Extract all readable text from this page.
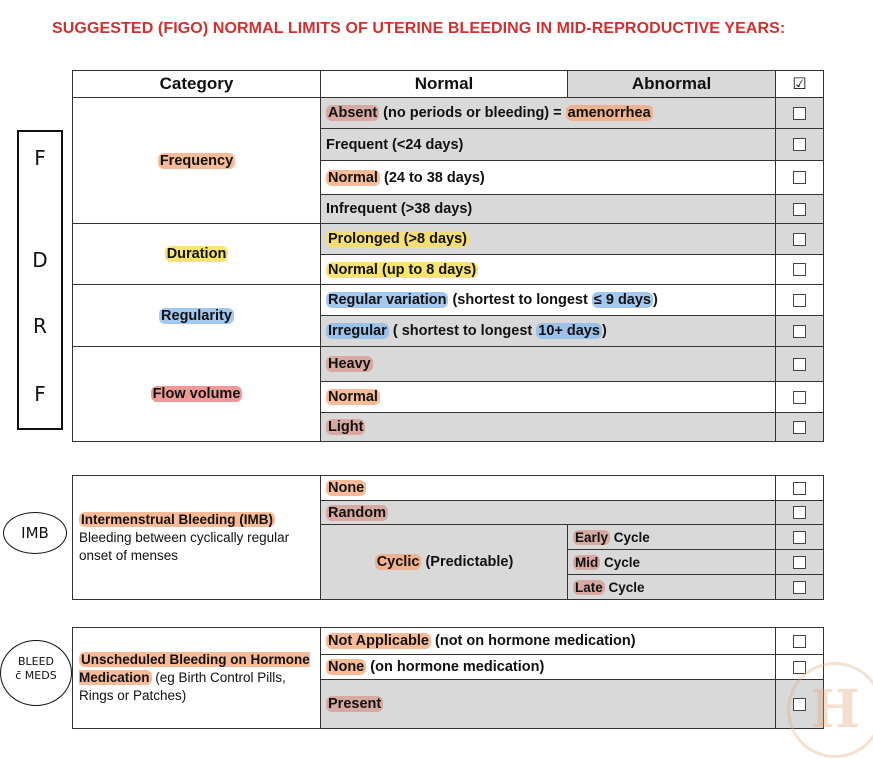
SUGGESTED (FIGO) NORMAL LIMITS OF UTERINE BLEEDING IN MID-REPRODUCTIVE YEARS:
F
D
R
F
Category	Normal	Abnormal	☑
Frequency	Absent (no periods or bleeding) = amenorrhea		
	Frequent (<24 days)		
	Normal (24 to 38 days)		
	Infrequent (>38 days)		
Duration	Prolonged (>8 days)		
	Normal (up to 8 days)		
Regularity	Regular variation (shortest to longest ≤ 9 days )		
	Irregular ( shortest to longest 10+ days )		
Flow volume	Heavy		
	Normal		
	Light		
Intermenstrual Bleeding (IMB)
Bleeding between cyclically regular onset of menses	None		
	Random		
	Cyclic (Predictable)	Early Cycle	
		Mid Cycle	
		Late Cycle	
Unscheduled Bleeding on Hormone Medication (eg Birth Control Pills, Rings or Patches)	Not Applicable (not on hormone medication)	
	None (on hormone medication)	
	Present	
IMB
BLEED
c̄ MEDS
H
